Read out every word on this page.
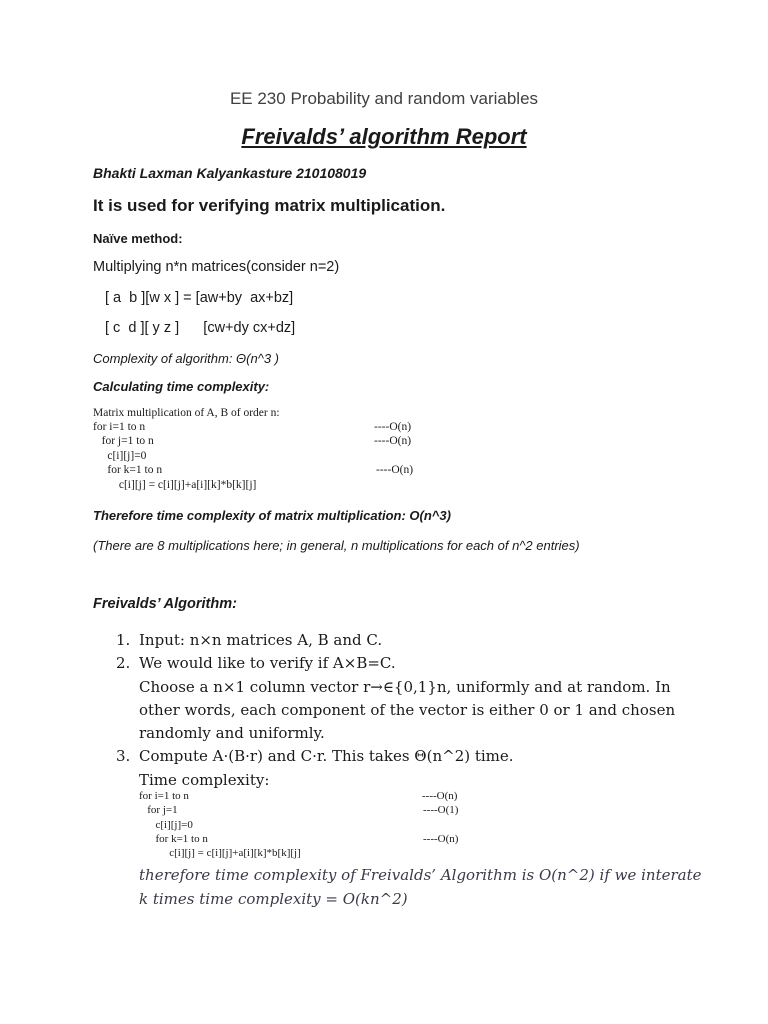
EE 230 Probability and random variables
Freivalds’ algorithm Report
Bhakti Laxman Kalyankasture 210108019
It is used for verifying matrix multiplication.
Naïve method:
Multiplying n*n matrices(consider n=2)
[ a  b ][w x ] = [aw+by  ax+bz]
[ c  d ][ y z ]      [cw+dy cx+dz]
Complexity of algorithm: Θ(n^3 )
Calculating time complexity:
Matrix multiplication of A, B of order n:
for i=1 to n	----O(n)
for j=1 to n	----O(n)
c[i][j]=0
for k=1 to n	----O(n)
c[i][j] = c[i][j]+a[i][k]*b[k][j]
Therefore time complexity of matrix multiplication: O(n^3)
(There are 8 multiplications here; in general, n multiplications for each of n^2 entries)
Freivalds’ Algorithm:
1. Input: n×n matrices A, B and C.
2. We would like to verify if A×B=C.
Choose a n×1 column vector r→∈{0,1}n, uniformly and at random. In
other words, each component of the vector is either 0 or 1 and chosen
randomly and uniformly.
3. Compute A·(B·r) and C·r. This takes Θ(n^2) time.
Time complexity:
for i=1 to n	----O(n)
for j=1	----O(1)
c[i][j]=0
for k=1 to n	----O(n)
c[i][j] = c[i][j]+a[i][k]*b[k][j]
therefore time complexity of Freivalds’ Algorithm is O(n^2) if we interate
k times time complexity = O(kn^2)
